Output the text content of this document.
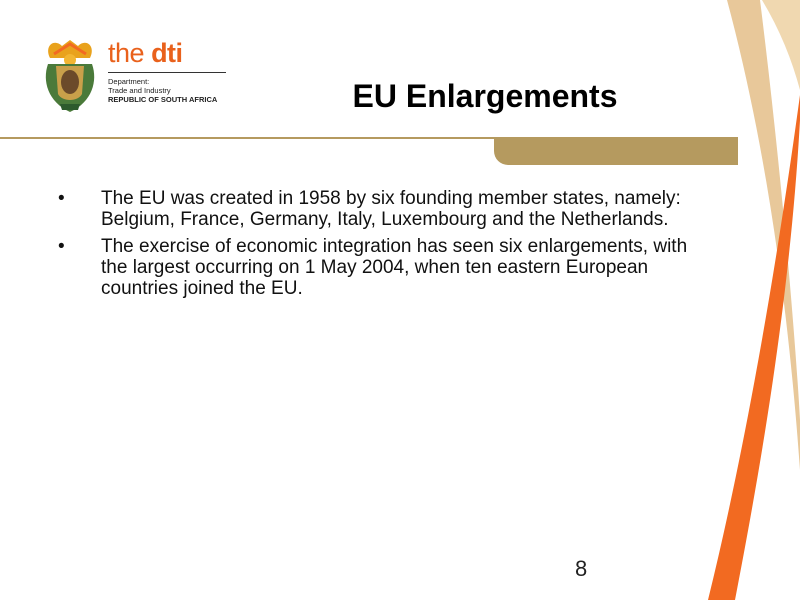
the dti
Department:
Trade and Industry
REPUBLIC OF SOUTH AFRICA	EU Enlargements
• The EU was created in 1958 by six founding member states, namely: Belgium, France, Germany, Italy, Luxembourg and the Netherlands.
• The exercise of economic integration has seen six enlargements, with the largest occurring on 1 May 2004, when ten eastern European countries joined the EU.
8
